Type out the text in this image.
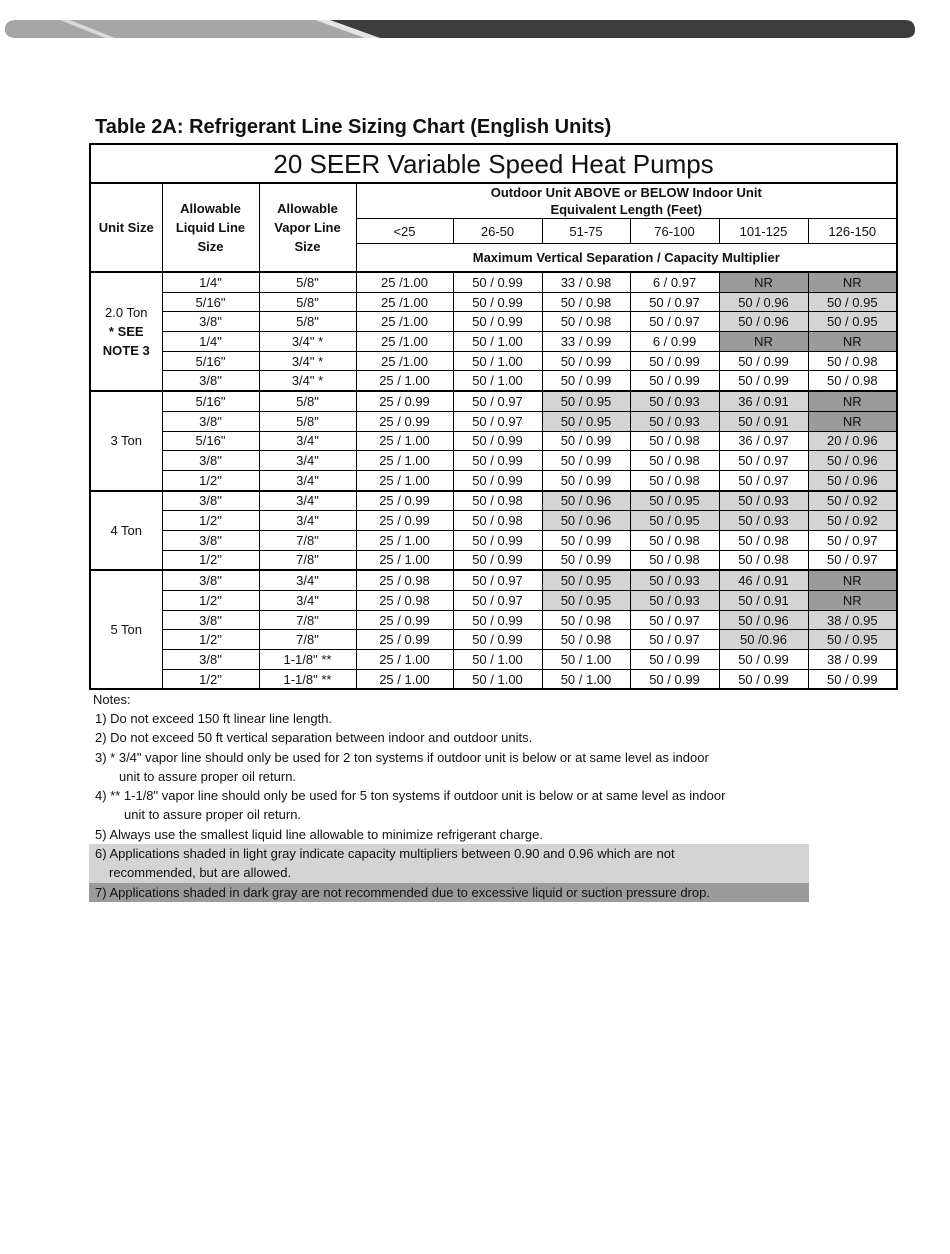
Table 2A: Refrigerant Line Sizing Chart (English Units)
20 SEER Variable Speed Heat Pumps								
Unit Size	Allowable Liquid Line Size	Allowable Vapor Line Size	Outdoor Unit ABOVE or BELOW Indoor Unit
Equivalent Length (Feet)					

			<25	26-50	51-75	76-100	101-125	126-150
			Maximum Vertical Separation / Capacity Multiplier					

2.0 Ton
* SEE
NOTE 3	1/4"	5/8"	25 /1.00	50 / 0.99	33 / 0.98	6 / 0.97	NR	NR
	5/16"	5/8"	25 /1.00	50 / 0.99	50 / 0.98	50 / 0.97	50 / 0.96	50 / 0.95
	3/8"	5/8"	25 /1.00	50 / 0.99	50 / 0.98	50 / 0.97	50 / 0.96	50 / 0.95
	1/4"	3/4" *	25 /1.00	50 / 1.00	33 / 0.99	6 / 0.99	NR	NR
	5/16"	3/4" *	25 /1.00	50 / 1.00	50 / 0.99	50 / 0.99	50 / 0.99	50 / 0.98
	3/8"	3/4" *	25 / 1.00	50 / 1.00	50 / 0.99	50 / 0.99	50 / 0.99	50 / 0.98

3 Ton	5/16"	5/8"	25 / 0.99	50 / 0.97	50 / 0.95	50 / 0.93	36 / 0.91	NR
	3/8"	5/8"	25 / 0.99	50 / 0.97	50 / 0.95	50 / 0.93	50 / 0.91	NR
	5/16"	3/4"	25 / 1.00	50 / 0.99	50 / 0.99	50 / 0.98	36 / 0.97	20 / 0.96
	3/8"	3/4"	25 / 1.00	50 / 0.99	50 / 0.99	50 / 0.98	50 / 0.97	50 / 0.96
	1/2"	3/4"	25 / 1.00	50 / 0.99	50 / 0.99	50 / 0.98	50 / 0.97	50 / 0.96

4 Ton	3/8"	3/4"	25 / 0.99	50 / 0.98	50 / 0.96	50 / 0.95	50 / 0.93	50 / 0.92
	1/2"	3/4"	25 / 0.99	50 / 0.98	50 / 0.96	50 / 0.95	50 / 0.93	50 / 0.92
	3/8"	7/8"	25 / 1.00	50 / 0.99	50 / 0.99	50 / 0.98	50 / 0.98	50 / 0.97
	1/2"	7/8"	25 / 1.00	50 / 0.99	50 / 0.99	50 / 0.98	50 / 0.98	50 / 0.97

5 Ton	3/8"	3/4"	25 / 0.98	50 / 0.97	50 / 0.95	50 / 0.93	46 / 0.91	NR
	1/2"	3/4"	25 / 0.98	50 / 0.97	50 / 0.95	50 / 0.93	50 / 0.91	NR
	3/8"	7/8"	25 / 0.99	50 / 0.99	50 / 0.98	50 / 0.97	50 / 0.96	38 / 0.95
	1/2"	7/8"	25 / 0.99	50 / 0.99	50 / 0.98	50 / 0.97	50 /0.96	50 / 0.95
	3/8"	1-1/8" **	25 / 1.00	50 / 1.00	50 / 1.00	50 / 0.99	50 / 0.99	38 / 0.99
	1/2"	1-1/8" **	25 / 1.00	50 / 1.00	50 / 1.00	50 / 0.99	50 / 0.99	50 / 0.99
Notes:
1) Do not exceed 150 ft linear line length.
2) Do not exceed 50 ft vertical separation between indoor and outdoor units.
3) * 3/4" vapor line should only be used for 2 ton systems if outdoor unit is below or at same level as indoor
unit to assure proper oil return.
4) ** 1-1/8" vapor line should only be used for 5 ton systems if outdoor unit is below or at same level as indoor
unit to assure proper oil return.
5) Always use the smallest liquid line allowable to minimize refrigerant charge.
6) Applications shaded in light gray indicate capacity multipliers between 0.90 and 0.96 which are not
recommended, but are allowed.
7) Applications shaded in dark gray are not recommended due to excessive liquid or suction pressure drop.
